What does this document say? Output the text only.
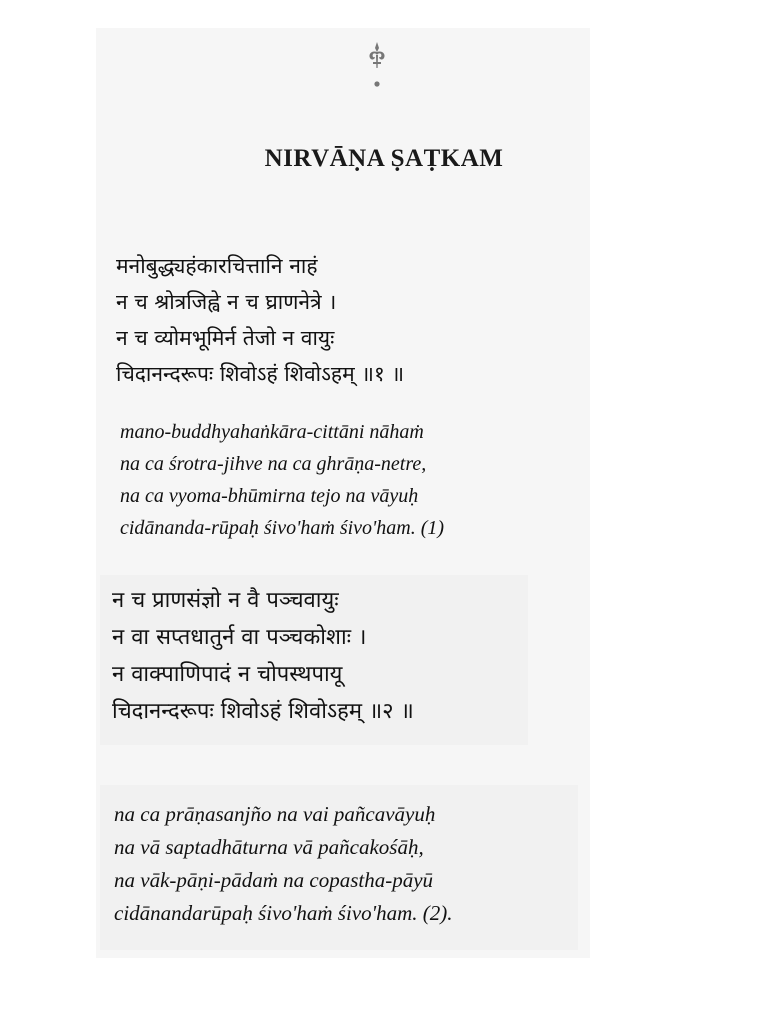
NIRVĀṆA ṢAṬKAM
मनोबुद्ध्यहंकारचित्तानि नाहं
न च श्रोत्रजिह्वे न च घ्राणनेत्रे ।
न च व्योमभूमिर्न तेजो न वायुः
चिदानन्दरूपः शिवोऽहं शिवोऽहम् ॥१ ॥
mano-buddhyahaṅkāra-cittāni nāhaṁ
na ca śrotra-jihve na ca ghrāṇa-netre,
na ca vyoma-bhūmirna tejo na vāyuḥ
cidānanda-rūpaḥ śivo'haṁ śivo'ham. (1)
न च प्राणसंज्ञो न वै पञ्चवायुः
न वा सप्तधातुर्न वा पञ्चकोशाः ।
न वाक्पाणिपादं न चोपस्थपायू
चिदानन्दरूपः शिवोऽहं शिवोऽहम् ॥२ ॥
na ca prāṇasanjño na vai pañcavāyuḥ
na vā saptadhāturna vā pañcakośāḥ,
na vāk-pāṇi-pādaṁ na copastha-pāyū
cidānandarūpaḥ śivo'haṁ śivo'ham. (2).
